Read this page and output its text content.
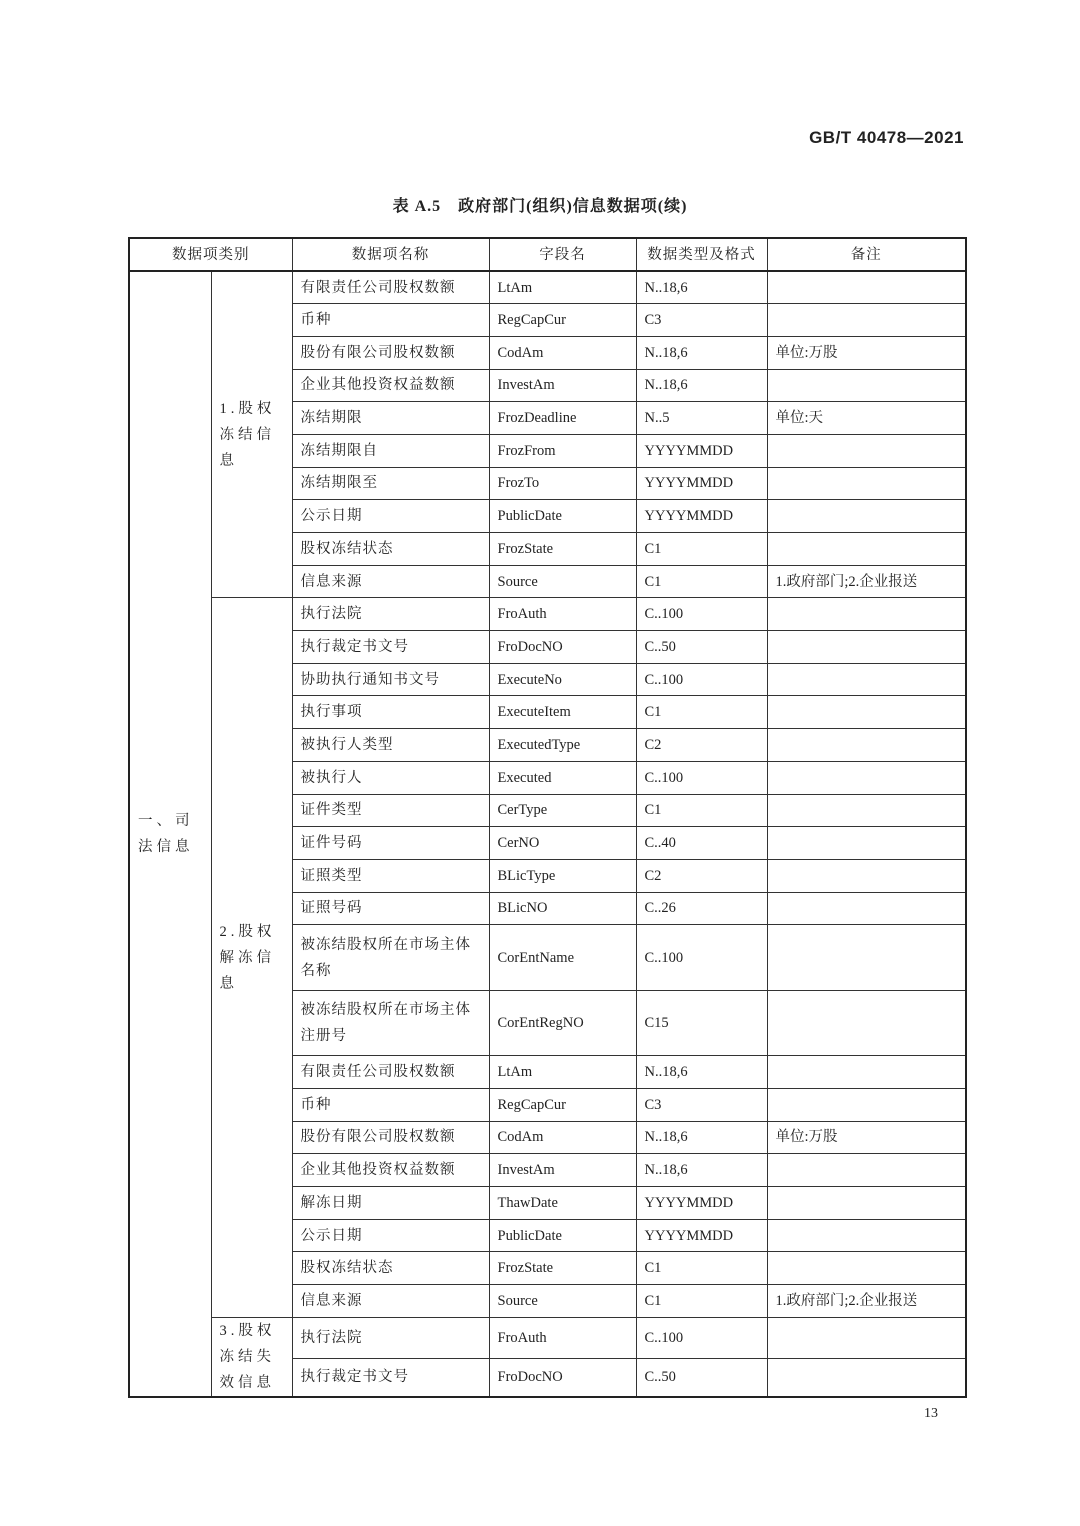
GB/T 40478—2021
表 A.5　政府部门(组织)信息数据项(续)
数据项类别		数据项名称	字段名	数据类型及格式	备注
一、司法信息	1.股权冻结信息	有限责任公司股权数额	LtAm	N..18,6	
		币种	RegCapCur	C3	
		股份有限公司股权数额	CodAm	N..18,6	单位:万股
		企业其他投资权益数额	InvestAm	N..18,6	
		冻结期限	FrozDeadline	N..5	单位:天
		冻结期限自	FrozFrom	YYYYMMDD	
		冻结期限至	FrozTo	YYYYMMDD	
		公示日期	PublicDate	YYYYMMDD	
		股权冻结状态	FrozState	C1	
		信息来源	Source	C1	1.政府部门;2.企业报送
	2.股权解冻信息	执行法院	FroAuth	C..100	
		执行裁定书文号	FroDocNO	C..50	
		协助执行通知书文号	ExecuteNo	C..100	
		执行事项	ExecuteItem	C1	
		被执行人类型	ExecutedType	C2	
		被执行人	Executed	C..100	
		证件类型	CerType	C1	
		证件号码	CerNO	C..40	
		证照类型	BLicType	C2	
		证照号码	BLicNO	C..26	
		被冻结股权所在市场主体名称	CorEntName	C..100	
		被冻结股权所在市场主体注册号	CorEntRegNO	C15	
		有限责任公司股权数额	LtAm	N..18,6	
		币种	RegCapCur	C3	
		股份有限公司股权数额	CodAm	N..18,6	单位:万股
		企业其他投资权益数额	InvestAm	N..18,6	
		解冻日期	ThawDate	YYYYMMDD	
		公示日期	PublicDate	YYYYMMDD	
		股权冻结状态	FrozState	C1	
		信息来源	Source	C1	1.政府部门;2.企业报送
	3.股权冻结失效信息	执行法院	FroAuth	C..100	
		执行裁定书文号	FroDocNO	C..50	
13
